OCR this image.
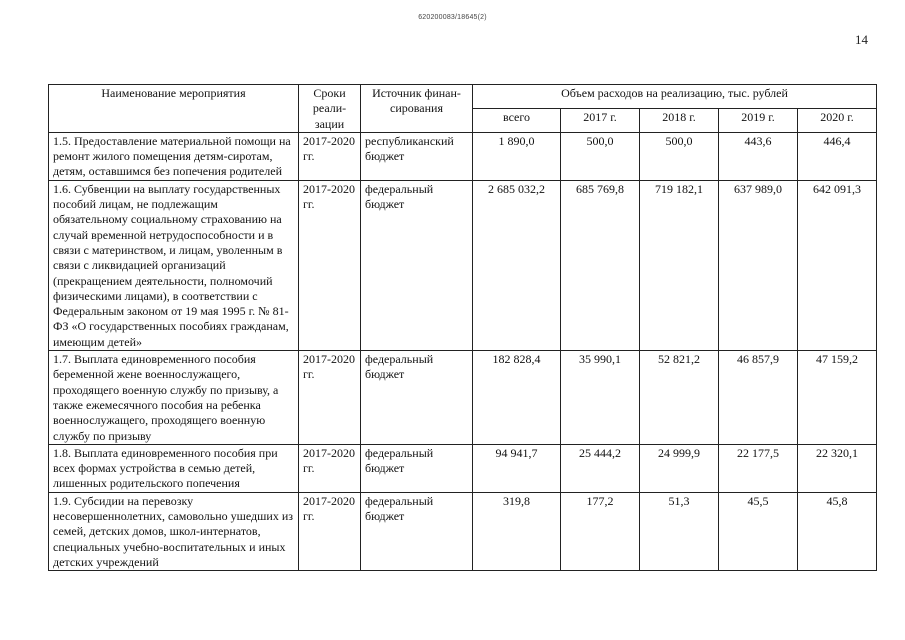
620200083/18645(2)
14
Наименование мероприятия	Сроки реали-зации	Источник финан-сирования	Объем расходов на реализацию, тыс. рублей				
			всего	2017 г.	2018 г.	2019 г.	2020 г.
1.5. Предоставление материальной помощи на ремонт жилого помещения детям-сиротам, детям, оставшимся без попечения родителей	2017-2020 гг.	республиканский бюджет	1 890,0	500,0	500,0	443,6	446,4
1.6. Субвенции на выплату государственных пособий лицам, не подлежащим обязательному социальному страхованию на случай временной нетрудоспособности и в связи с материнством, и лицам, уволенным в связи с ликвидацией организаций (прекращением деятельности, полномочий физическими лицами), в соответствии с Федеральным законом от 19 мая 1995 г. № 81-ФЗ «О государственных пособиях гражданам, имеющим детей»	2017-2020 гг.	федеральный бюджет	2 685 032,2	685 769,8	719 182,1	637 989,0	642 091,3
1.7. Выплата единовременного пособия беременной жене военнослужащего, проходящего военную службу по призыву, а также ежемесячного пособия на ребенка военнослужащего, проходящего военную службу по призыву	2017-2020 гг.	федеральный бюджет	182 828,4	35 990,1	52 821,2	46 857,9	47 159,2
1.8. Выплата единовременного пособия при всех формах устройства в семью детей, лишенных родительского попечения	2017-2020 гг.	федеральный бюджет	94 941,7	25 444,2	24 999,9	22 177,5	22 320,1
1.9. Субсидии на перевозку несовершеннолетних, самовольно ушедших из семей, детских домов, школ-интернатов, специальных учебно-воспитательных и иных детских учреждений	2017-2020 гг.	федеральный бюджет	319,8	177,2	51,3	45,5	45,8
